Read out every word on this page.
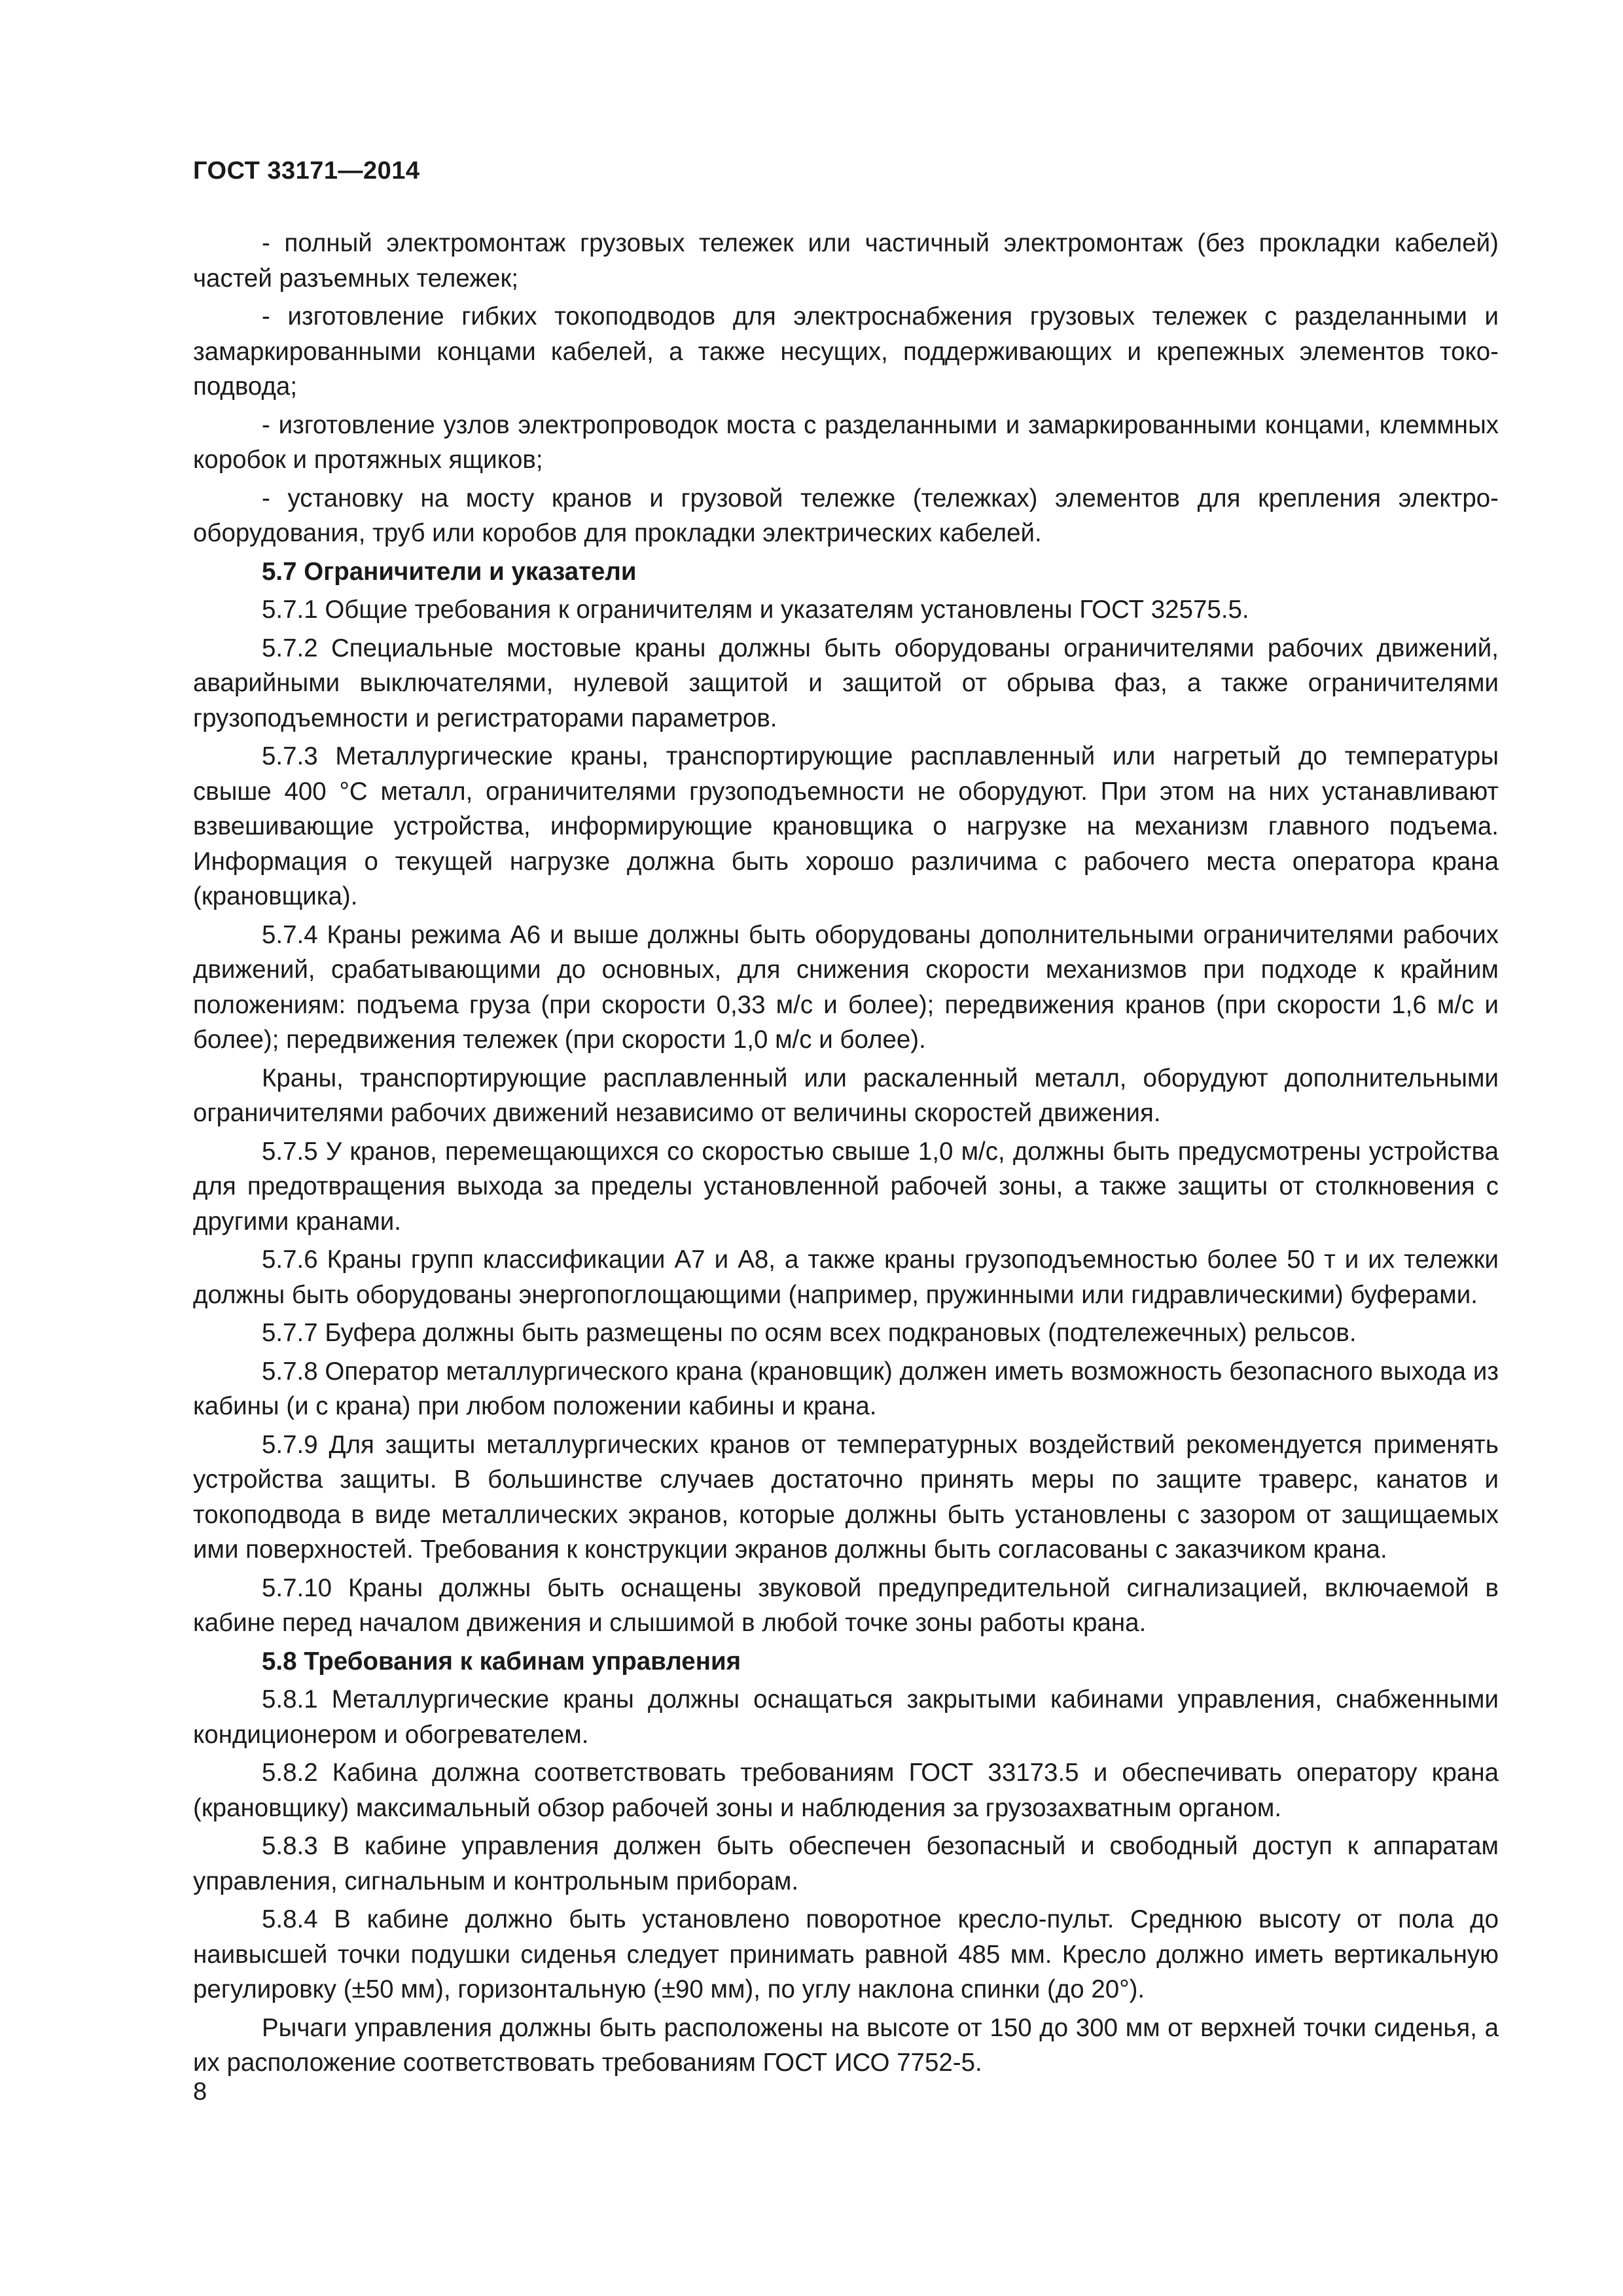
ГОСТ 33171—2014

- полный электромонтаж грузовых тележек или частичный электромонтаж (без прокладки кабелей) частей разъемных тележек;

- изготовление гибких токоподводов для электроснабжения грузовых тележек с разделанными и замаркированными концами кабелей, а также несущих, поддерживающих и крепежных элементов токоподвода;

- изготовление узлов электропроводок моста с разделанными и замаркированными концами, клеммных коробок и протяжных ящиков;

- установку на мосту кранов и грузовой тележке (тележках) элементов для крепления электрооборудования, труб или коробов для прокладки электрических кабелей.

5.7 Ограничители и указатели

5.7.1 Общие требования к ограничителям и указателям установлены ГОСТ 32575.5.

5.7.2 Специальные мостовые краны должны быть оборудованы ограничителями рабочих движений, аварийными выключателями, нулевой защитой и защитой от обрыва фаз, а также ограничителями грузоподъемности и регистраторами параметров.

5.7.3 Металлургические краны, транспортирующие расплавленный или нагретый до температуры свыше 400 °С металл, ограничителями грузоподъемности не оборудуют. При этом на них устанавливают взвешивающие устройства, информирующие крановщика о нагрузке на механизм главного подъема. Информация о текущей нагрузке должна быть хорошо различима с рабочего места оператора крана (крановщика).

5.7.4 Краны режима А6 и выше должны быть оборудованы дополнительными ограничителями рабочих движений, срабатывающими до основных, для снижения скорости механизмов при подходе к крайним положениям: подъема груза (при скорости 0,33 м/с и более); передвижения кранов (при скорости 1,6 м/с и более); передвижения тележек (при скорости 1,0 м/с и более).

Краны, транспортирующие расплавленный или раскаленный металл, оборудуют дополнительными ограничителями рабочих движений независимо от величины скоростей движения.

5.7.5 У кранов, перемещающихся со скоростью свыше 1,0 м/с, должны быть предусмотрены устройства для предотвращения выхода за пределы установленной рабочей зоны, а также защиты от столкновения с другими кранами.

5.7.6 Краны групп классификации А7 и А8, а также краны грузоподъемностью более 50 т и их тележки должны быть оборудованы энергопоглощающими (например, пружинными или гидравлическими) буферами.

5.7.7 Буфера должны быть размещены по осям всех подкрановых (подтележечных) рельсов.

5.7.8 Оператор металлургического крана (крановщик) должен иметь возможность безопасного выхода из кабины (и с крана) при любом положении кабины и крана.

5.7.9 Для защиты металлургических кранов от температурных воздействий рекомендуется применять устройства защиты. В большинстве случаев достаточно принять меры по защите траверс, канатов и токоподвода в виде металлических экранов, которые должны быть установлены с зазором от защищаемых ими поверхностей. Требования к конструкции экранов должны быть согласованы с заказчиком крана.

5.7.10 Краны должны быть оснащены звуковой предупредительной сигнализацией, включаемой в кабине перед началом движения и слышимой в любой точке зоны работы крана.

5.8 Требования к кабинам управления

5.8.1 Металлургические краны должны оснащаться закрытыми кабинами управления, снабженными кондиционером и обогревателем.

5.8.2 Кабина должна соответствовать требованиям ГОСТ 33173.5 и обеспечивать оператору крана (крановщику) максимальный обзор рабочей зоны и наблюдения за грузозахватным органом.

5.8.3 В кабине управления должен быть обеспечен безопасный и свободный доступ к аппаратам управления, сигнальным и контрольным приборам.

5.8.4 В кабине должно быть установлено поворотное кресло-пульт. Среднюю высоту от пола до наивысшей точки подушки сиденья следует принимать равной 485 мм. Кресло должно иметь вертикальную регулировку (±50 мм), горизонтальную (±90 мм), по углу наклона спинки (до 20°).

Рычаги управления должны быть расположены на высоте от 150 до 300 мм от верхней точки сиденья, а их расположение соответствовать требованиям ГОСТ ИСО 7752-5.

8
